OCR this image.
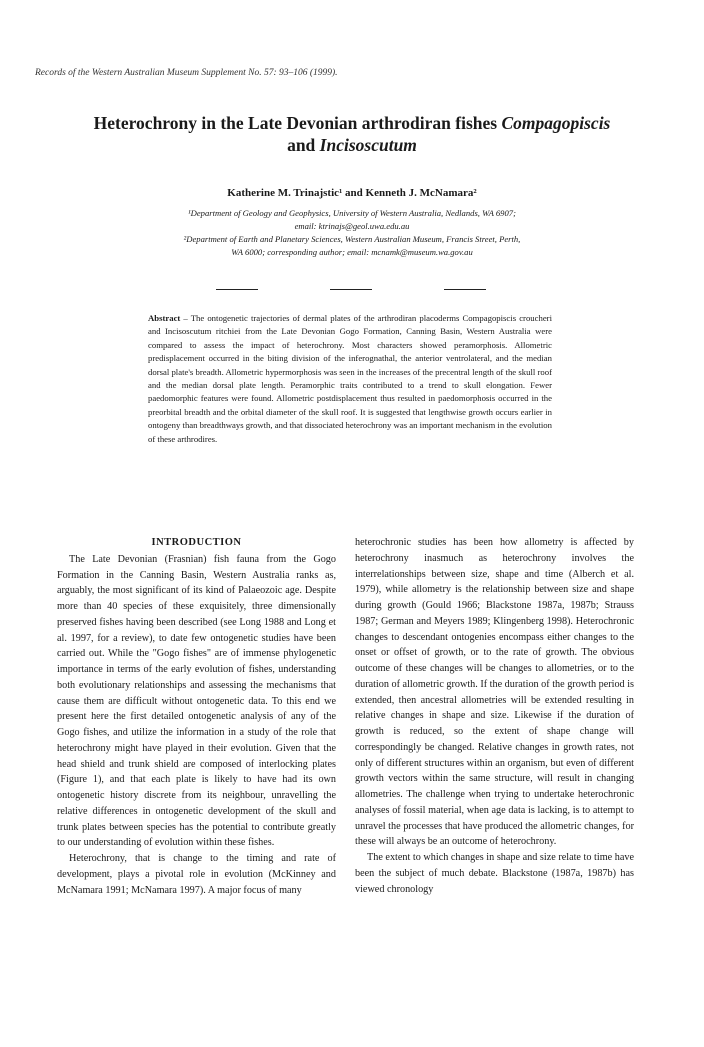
Records of the Western Australian Museum Supplement No. 57: 93–106 (1999).
Heterochrony in the Late Devonian arthrodiran fishes Compagopiscis
and Incisoscutum
Katherine M. Trinajstic¹ and Kenneth J. McNamara²
¹Department of Geology and Geophysics, University of Western Australia, Nedlands, WA 6907;
email: ktrinajs@geol.uwa.edu.au
²Department of Earth and Planetary Sciences, Western Australian Museum, Francis Street, Perth,
WA 6000; corresponding author; email: mcnamk@museum.wa.gov.au
Abstract – The ontogenetic trajectories of dermal plates of the arthrodiran placoderms Compagopiscis croucheri and Incisoscutum ritchiei from the Late Devonian Gogo Formation, Canning Basin, Western Australia were compared to assess the impact of heterochrony. Most characters showed peramorphosis. Allometric predisplacement occurred in the biting division of the inferognathal, the anterior ventrolateral, and the median dorsal plate's breadth. Allometric hypermorphosis was seen in the increases of the precentral length of the skull roof and the median dorsal plate length. Peramorphic traits contributed to a trend to skull elongation. Fewer paedomorphic features were found. Allometric postdisplacement thus resulted in paedomorphosis occurred in the preorbital breadth and the orbital diameter of the skull roof. It is suggested that lengthwise growth occurs earlier in ontogeny than breadthways growth, and that dissociated heterochrony was an important mechanism in the evolution of these arthrodires.
INTRODUCTION

The Late Devonian (Frasnian) fish fauna from the Gogo Formation in the Canning Basin, Western Australia ranks as, arguably, the most significant of its kind of Palaeozoic age. Despite more than 40 species of these exquisitely, three dimensionally preserved fishes having been described (see Long 1988 and Long et al. 1997, for a review), to date few ontogenetic studies have been carried out. While the "Gogo fishes" are of immense phylogenetic importance in terms of the early evolution of fishes, understanding both evolutionary relationships and assessing the mechanisms that cause them are difficult without ontogenetic data. To this end we present here the first detailed ontogenetic analysis of any of the Gogo fishes, and utilize the information in a study of the role that heterochrony might have played in their evolution. Given that the head shield and trunk shield are composed of interlocking plates (Figure 1), and that each plate is likely to have had its own ontogenetic history discrete from its neighbour, unravelling the relative differences in ontogenetic development of the skull and trunk plates between species has the potential to contribute greatly to our understanding of evolution within these fishes.

Heterochrony, that is change to the timing and rate of development, plays a pivotal role in evolution (McKinney and McNamara 1991; McNamara 1997). A major focus of many

heterochronic studies has been how allometry is affected by heterochrony inasmuch as heterochrony involves the interrelationships between size, shape and time (Alberch et al. 1979), while allometry is the relationship between size and shape during growth (Gould 1966; Blackstone 1987a, 1987b; Strauss 1987; German and Meyers 1989; Klingenberg 1998). Heterochronic changes to descendant ontogenies encompass either changes to the onset or offset of growth, or to the rate of growth. The obvious outcome of these changes will be changes to allometries, or to the duration of allometric growth. If the duration of the growth period is extended, then ancestral allometries will be extended resulting in relative changes in shape and size. Likewise if the duration of growth is reduced, so the extent of shape change will correspondingly be changed. Relative changes in growth rates, not only of different structures within an organism, but even of different growth vectors within the same structure, will result in changing allometries. The challenge when trying to undertake heterochronic analyses of fossil material, when age data is lacking, is to attempt to unravel the processes that have produced the allometric changes, for these will always be an outcome of heterochrony.

The extent to which changes in shape and size relate to time have been the subject of much debate. Blackstone (1987a, 1987b) has viewed chronology
